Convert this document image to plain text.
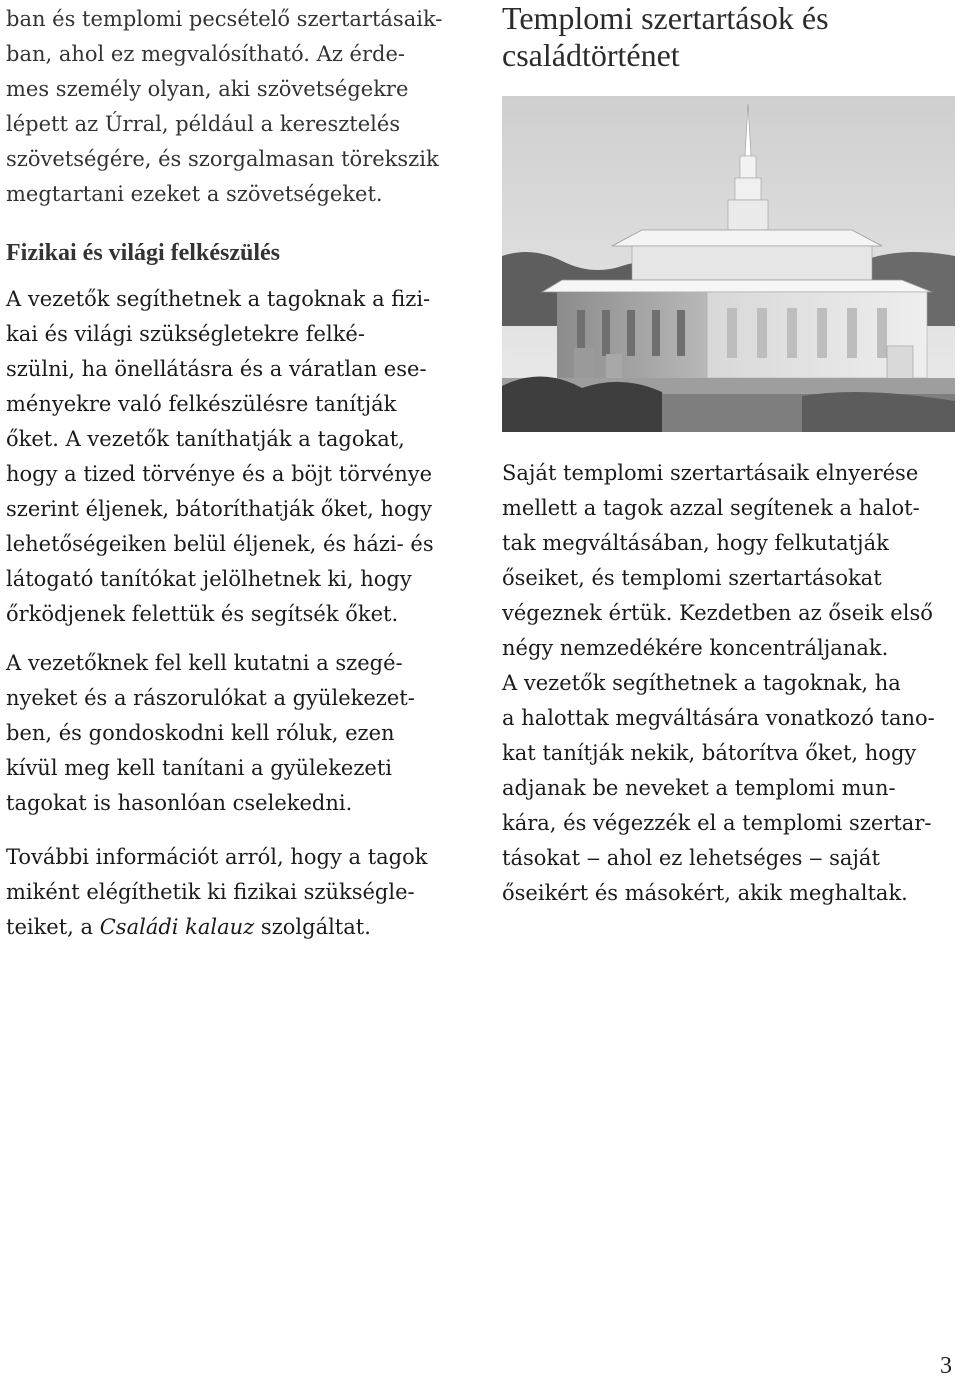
ban és templomi pecsételő szertartásaik-
ban, ahol ez megvalósítható. Az érde-
mes személy olyan, aki szövetségekre
lépett az Úrral, például a keresztelés
szövetségére, és szorgalmasan törekszik
megtartani ezeket a szövetségeket.

Fizikai és világi felkészülés

A vezetők segíthetnek a tagoknak a fizi-
kai és világi szükségletekre felké-
szülni, ha önellátásra és a váratlan ese-
ményekre való felkészülésre tanítják
őket. A vezetők taníthatják a tagokat,
hogy a tized törvénye és a böjt törvénye
szerint éljenek, bátoríthatják őket, hogy
lehetőségeiken belül éljenek, és házi- és
látogató tanítókat jelölhetnek ki, hogy
őrködjenek felettük és segítsék őket.

A vezetőknek fel kell kutatni a szegé-
nyeket és a rászorulókat a gyülekezet-
ben, és gondoskodni kell róluk, ezen
kívül meg kell tanítani a gyülekezeti
tagokat is hasonlóan cselekedni.

További információt arról, hogy a tagok
miként elégíthetik ki fizikai szükségle-
teiket, a Családi kalauz szolgáltat.

Templomi szertartások és
családtörténet

Saját templomi szertartásaik elnyerése
mellett a tagok azzal segítenek a halot-
tak megváltásában, hogy felkutatják
őseiket, és templomi szertartásokat
végeznek értük. Kezdetben az őseik első
négy nemzedékére koncentráljanak.
A vezetők segíthetnek a tagoknak, ha
a halottak megváltására vonatkozó tano-
kat tanítják nekik, bátorítva őket, hogy
adjanak be neveket a templomi mun-
kára, és végezzék el a templomi szertar-
tásokat ‒ ahol ez lehetséges ‒ saját
őseikért és másokért, akik meghaltak.

3
